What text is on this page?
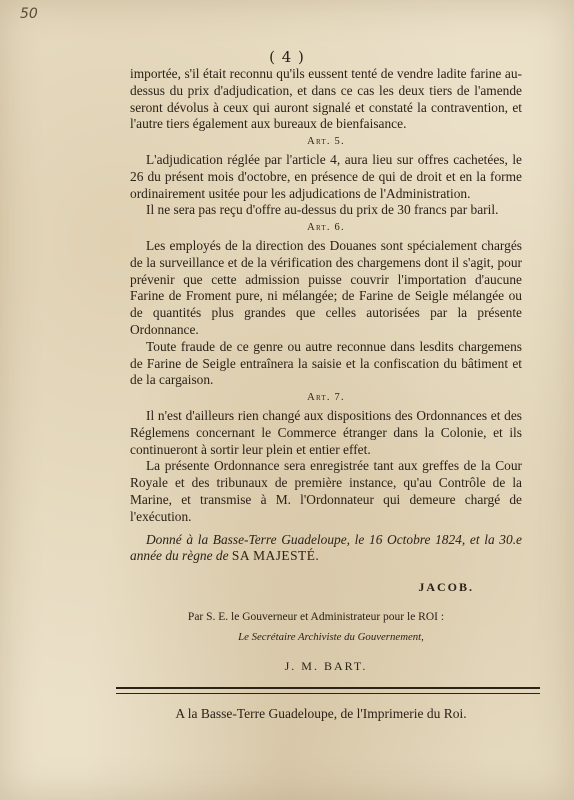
50
( 4 )

importée, s'il était reconnu qu'ils eussent tenté de vendre ladite farine au-dessus du prix d'adjudication, et dans ce cas les deux tiers de l'amende seront dévolus à ceux qui auront signalé et constaté la contravention, et l'autre tiers également aux bureaux de bienfaisance.

Art. 5.

L'adjudication réglée par l'article 4, aura lieu sur offres cachetées, le 26 du présent mois d'octobre, en présence de qui de droit et en la forme ordinairement usitée pour les adjudications de l'Administration.

Il ne sera pas reçu d'offre au-dessus du prix de 30 francs par baril.

Art. 6.

Les employés de la direction des Douanes sont spécialement chargés de la surveillance et de la vérification des chargemens dont il s'agit, pour prévenir que cette admission puisse couvrir l'importation d'aucune Farine de Froment pure, ni mélangée; de Farine de Seigle mélangée ou de quantités plus grandes que celles autorisées par la présente Ordonnance.

Toute fraude de ce genre ou autre reconnue dans lesdits chargemens de Farine de Seigle entraînera la saisie et la confiscation du bâtiment et de la cargaison.

Art. 7.

Il n'est d'ailleurs rien changé aux dispositions des Ordonnances et des Réglemens concernant le Commerce étranger dans la Colonie, et ils continueront à sortir leur plein et entier effet.

La présente Ordonnance sera enregistrée tant aux greffes de la Cour Royale et des tribunaux de première instance, qu'au Contrôle de la Marine, et transmise à M. l'Ordonnateur qui demeure chargé de l'exécution.

Donné à la Basse-Terre Guadeloupe, le 16 Octobre 1824, et la 30.e année du règne de SA MAJESTÉ.

JACOB.
Par S. E. le Gouverneur et Administrateur pour le ROI :
Le Secrétaire Archiviste du Gouvernement,
J. M. BART.
A la Basse-Terre Guadeloupe, de l'Imprimerie du Roi.
